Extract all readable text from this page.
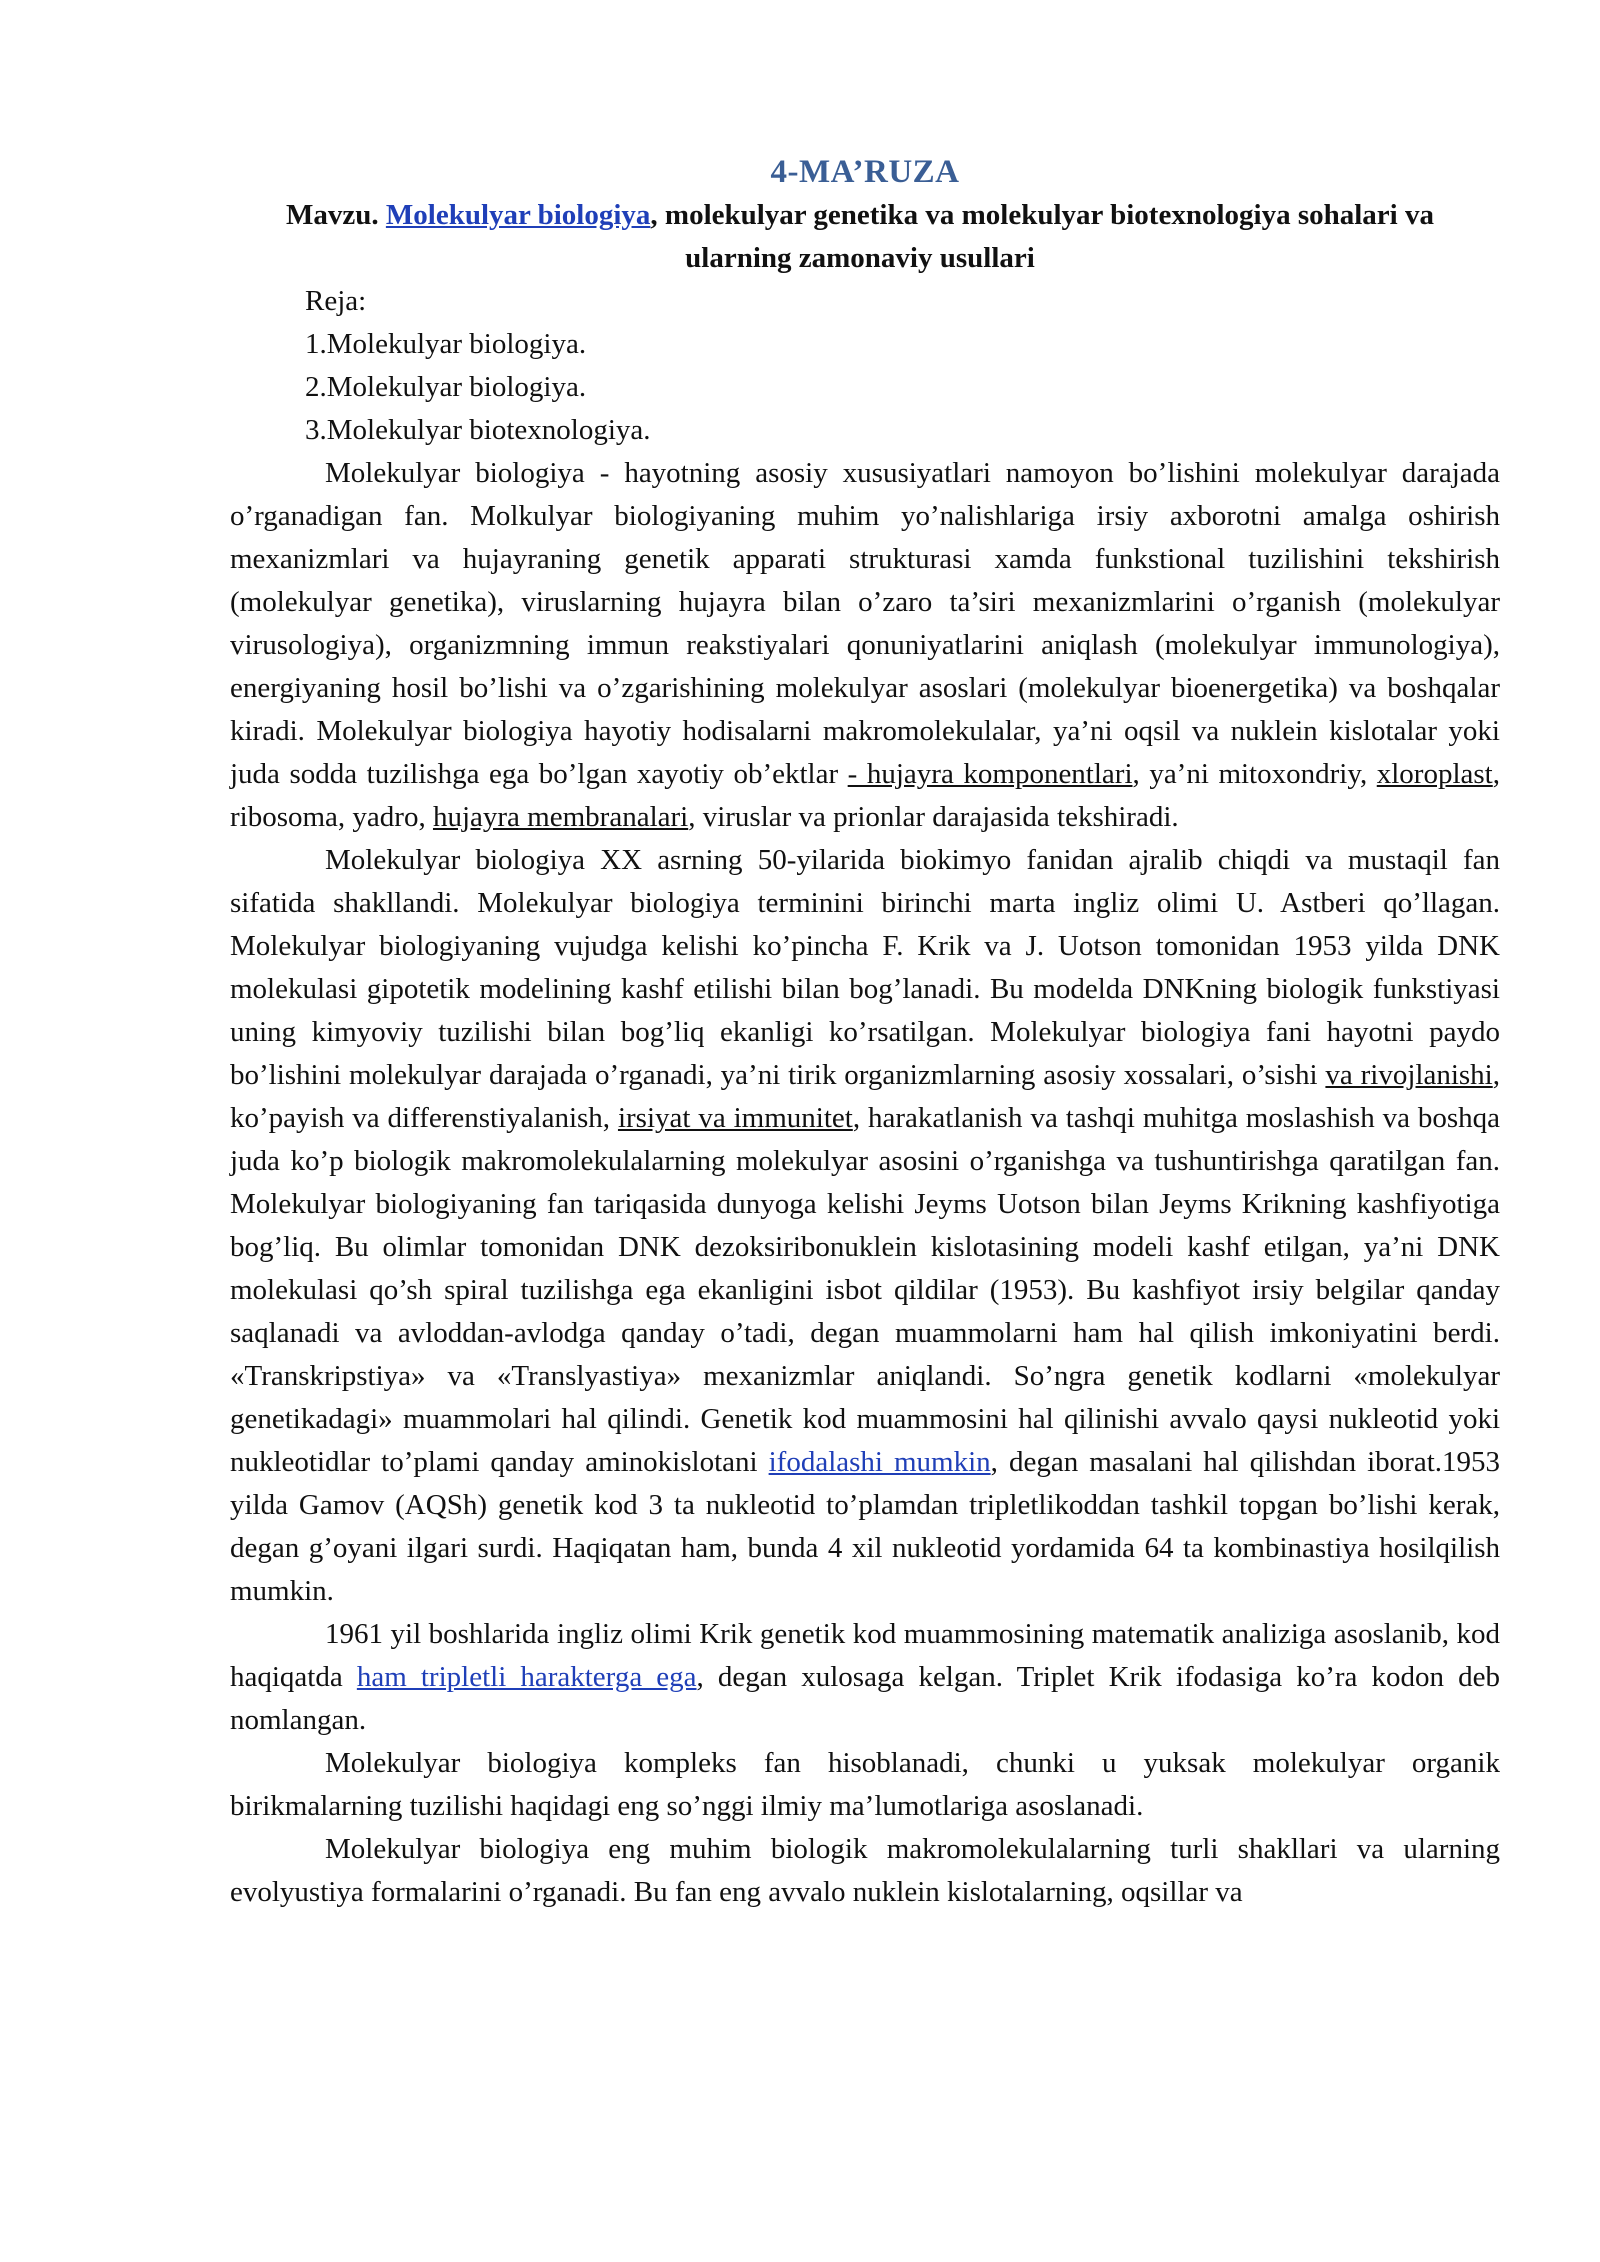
4-MA’RUZA
Mavzu. Molekulyar biologiya, molekulyar genetika va molekulyar biotexnologiya sohalari va ularning zamonaviy usullari
Reja:
1.Molekulyar biologiya.
2.Molekulyar biologiya.
3.Molekulyar biotexnologiya.

Molekulyar biologiya - hayotning asosiy xususiyatlari namoyon bo’lishini molekulyar darajada o’rganadigan fan. Molkulyar biologiyaning muhim yo’nalishlariga irsiy axborotni amalga oshirish mexanizmlari va hujayraning genetik apparati strukturasi xamda funkstional tuzilishini tekshirish (molekulyar genetika), viruslarning hujayra bilan o’zaro ta’siri mexanizmlarini o’rganish (molekulyar virusologiya), organizmning immun reakstiyalari qonuniyatlarini aniqlash (molekulyar immunologiya), energiyaning hosil bo’lishi va o’zgarishining molekulyar asoslari (molekulyar bioenergetika) va boshqalar kiradi. Molekulyar biologiya hayotiy hodisalarni makromolekulalar, ya’ni oqsil va nuklein kislotalar yoki juda sodda tuzilishga ega bo’lgan xayotiy ob’ektlar - hujayra komponentlari, ya’ni mitoxondriy, xloroplast, ribosoma, yadro, hujayra membranalari, viruslar va prionlar darajasida tekshiradi.

Molekulyar biologiya XX asrning 50-yilarida biokimyo fanidan ajralib chiqdi va mustaqil fan sifatida shakllandi. Molekulyar biologiya terminini birinchi marta ingliz olimi U. Astberi qo’llagan. Molekulyar biologiyaning vujudga kelishi ko’pincha F. Krik va J. Uotson tomonidan 1953 yilda DNK molekulasi gipotetik modelining kashf etilishi bilan bog’lanadi. Bu modelda DNKning biologik funkstiyasi uning kimyoviy tuzilishi bilan bog’liq ekanligi ko’rsatilgan. Molekulyar biologiya fani hayotni paydo bo’lishini molekulyar darajada o’rganadi, ya’ni tirik organizmlarning asosiy xossalari, o’sishi va rivojlanishi, ko’payish va differenstiyalanish, irsiyat va immunitet, harakatlanish va tashqi muhitga moslashish va boshqa juda ko’p biologik makromolekulalarning molekulyar asosini o’rganishga va tushuntirishga qaratilgan fan. Molekulyar biologiyaning fan tariqasida dunyoga kelishi Jeyms Uotson bilan Jeyms Krikning kashfiyotiga bog’liq. Bu olimlar tomonidan DNK dezoksiribonuklein kislotasining modeli kashf etilgan, ya’ni DNK molekulasi qo’sh spiral tuzilishga ega ekanligini isbot qildilar (1953). Bu kashfiyot irsiy belgilar qanday saqlanadi va avloddan-avlodga qanday o’tadi, degan muammolarni ham hal qilish imkoniyatini berdi. «Transkripstiya» va «Translyastiya» mexanizmlar aniqlandi. So’ngra genetik kodlarni «molekulyar genetikadagi» muammolari hal qilindi. Genetik kod muammosini hal qilinishi avvalo qaysi nukleotid yoki nukleotidlar to’plami qanday aminokislotani ifodalashi mumkin, degan masalani hal qilishdan iborat.1953 yilda Gamov (AQSh) genetik kod 3 ta nukleotid to’plamdan tripletlikoddan tashkil topgan bo’lishi kerak, degan g’oyani ilgari surdi. Haqiqatan ham, bunda 4 xil nukleotid yordamida 64 ta kombinastiya hosilqilish mumkin.

1961 yil boshlarida ingliz olimi Krik genetik kod muammosining matematik analiziga asoslanib, kod haqiqatda ham tripletli harakterga ega, degan xulosaga kelgan. Triplet Krik ifodasiga ko’ra kodon deb nomlangan.

Molekulyar biologiya kompleks fan hisoblanadi, chunki u yuksak molekulyar organik birikmalarning tuzilishi haqidagi eng so’nggi ilmiy ma’lumotlariga asoslanadi.

Molekulyar biologiya eng muhim biologik makromolekulalarning turli shakllari va ularning evolyustiya formalarini o’rganadi. Bu fan eng avvalo nuklein kislotalarning, oqsillar va
